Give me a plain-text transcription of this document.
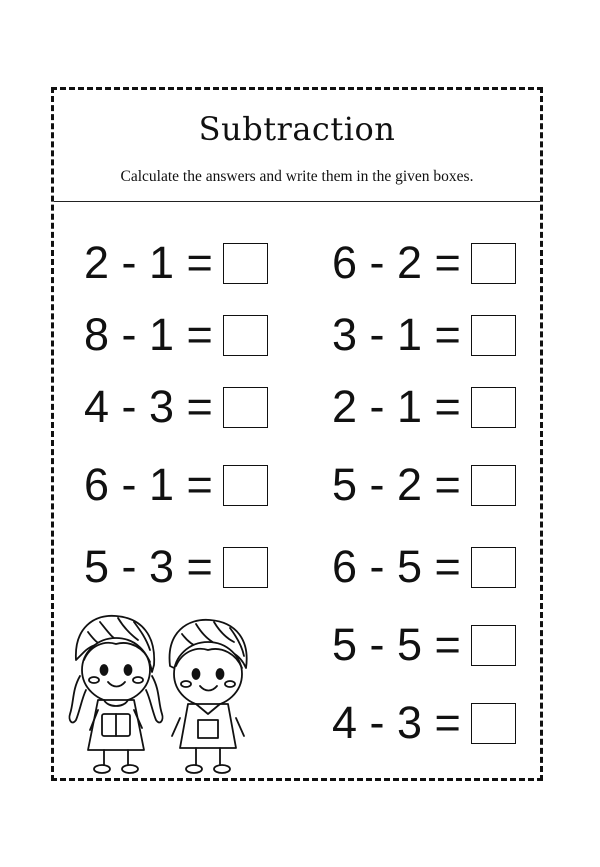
Subtraction
Calculate the answers and write them in the given boxes.
2 - 1 =
8 - 1 =
4 - 3 =
6 - 1 =
5 - 3 =
6 - 2 =
3 - 1 =
2 - 1 =
5 - 2 =
6 - 5 =
5 - 5 =
4 - 3 =
